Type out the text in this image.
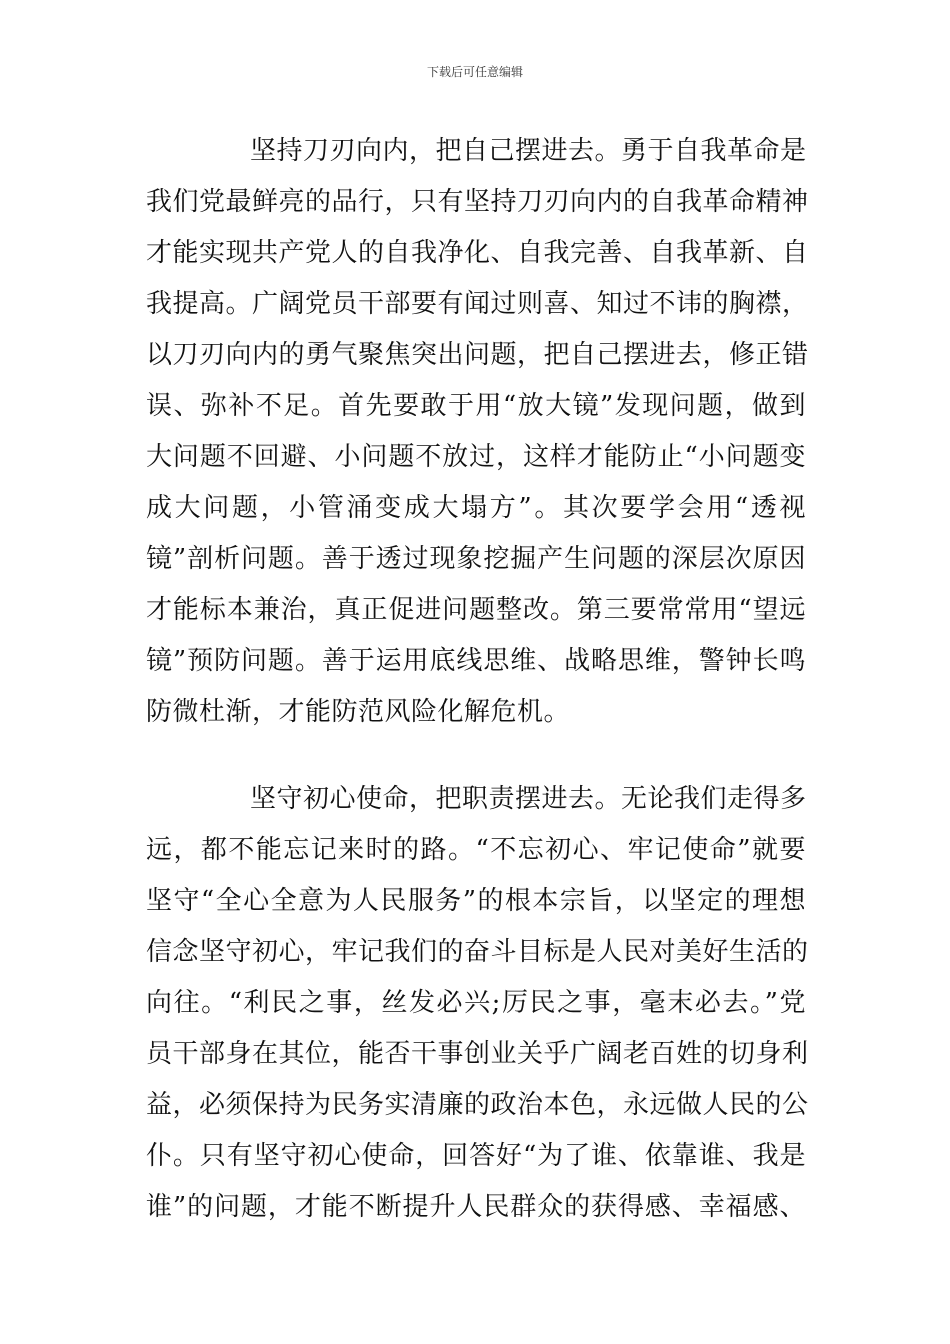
下载后可任意编辑
坚持刀刃向内，把自己摆进去。勇于自我革命是
我们党最鲜亮的品行，只有坚持刀刃向内的自我革命精神
才能实现共产党人的自我净化、自我完善、自我革新、自
我提高。广阔党员干部要有闻过则喜、知过不讳的胸襟，
以刀刃向内的勇气聚焦突出问题，把自己摆进去，修正错
误、弥补不足。首先要敢于用“放大镜”发现问题，做到
大问题不回避、小问题不放过，这样才能防止“小问题变
成大问题，小管涌变成大塌方”。其次要学会用“透视
镜”剖析问题。善于透过现象挖掘产生问题的深层次原因
才能标本兼治，真正促进问题整改。第三要常常用“望远
镜”预防问题。善于运用底线思维、战略思维，警钟长鸣
防微杜渐，才能防范风险化解危机。
坚守初心使命，把职责摆进去。无论我们走得多
远，都不能忘记来时的路。“不忘初心、牢记使命”就要
坚守“全心全意为人民服务”的根本宗旨，以坚定的理想
信念坚守初心，牢记我们的奋斗目标是人民对美好生活的
向往。“利民之事，丝发必兴;厉民之事，毫末必去。”党
员干部身在其位，能否干事创业关乎广阔老百姓的切身利
益，必须保持为民务实清廉的政治本色，永远做人民的公
仆。只有坚守初心使命，回答好“为了谁、依靠谁、我是
谁”的问题，才能不断提升人民群众的获得感、幸福感、
